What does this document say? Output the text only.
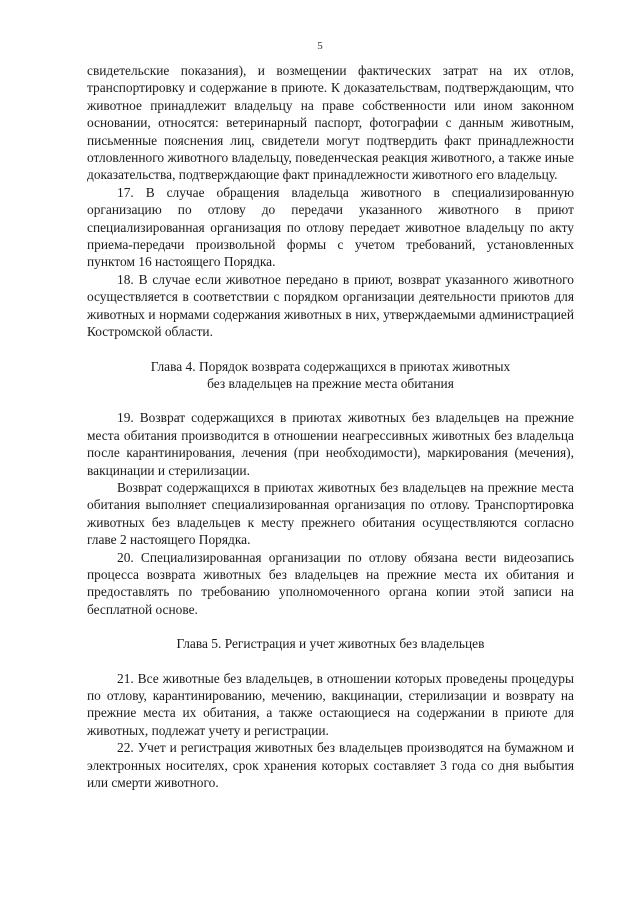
5

свидетельские показания), и возмещении фактических затрат на их отлов, транспортировку и содержание в приюте. К доказательствам, подтверждающим, что животное принадлежит владельцу на праве собственности или ином законном основании, относятся: ветеринарный паспорт, фотографии с данным животным, письменные пояснения лиц, свидетели могут подтвердить факт принадлежности отловленного животного владельцу, поведенческая реакция животного, а также иные доказательства, подтверждающие факт принадлежности животного его владельцу.

17. В случае обращения владельца животного в специализированную организацию по отлову до передачи указанного животного в приют специализированная организация по отлову передает животное владельцу по акту приема-передачи произвольной формы с учетом требований, установленных пунктом 16 настоящего Порядка.

18. В случае если животное передано в приют, возврат указанного животного осуществляется в соответствии с порядком организации деятельности приютов для животных и нормами содержания животных в них, утверждаемыми администрацией Костромской области.

Глава 4. Порядок возврата содержащихся в приютах животных

без владельцев на прежние места обитания

19. Возврат содержащихся в приютах животных без владельцев на прежние места обитания производится в отношении неагрессивных животных без владельца после карантинирования, лечения (при необходимости), маркирования (мечения), вакцинации и стерилизации.

Возврат содержащихся в приютах животных без владельцев на прежние места обитания выполняет специализированная организация по отлову. Транспортировка животных без владельцев к месту прежнего обитания осуществляются согласно главе 2 настоящего Порядка.

20. Специализированная организации по отлову обязана вести видеозапись процесса возврата животных без владельцев на прежние места их обитания и предоставлять по требованию уполномоченного органа копии этой записи на бесплатной основе.

Глава 5. Регистрация и учет животных без владельцев

21. Все животные без владельцев, в отношении которых проведены процедуры по отлову, карантинированию, мечению, вакцинации, стерилизации и возврату на прежние места их обитания, а также остающиеся на содержании в приюте для животных, подлежат учету и регистрации.

22. Учет и регистрация животных без владельцев производятся на бумажном и электронных носителях, срок хранения которых составляет 3 года со дня выбытия или смерти животного.
